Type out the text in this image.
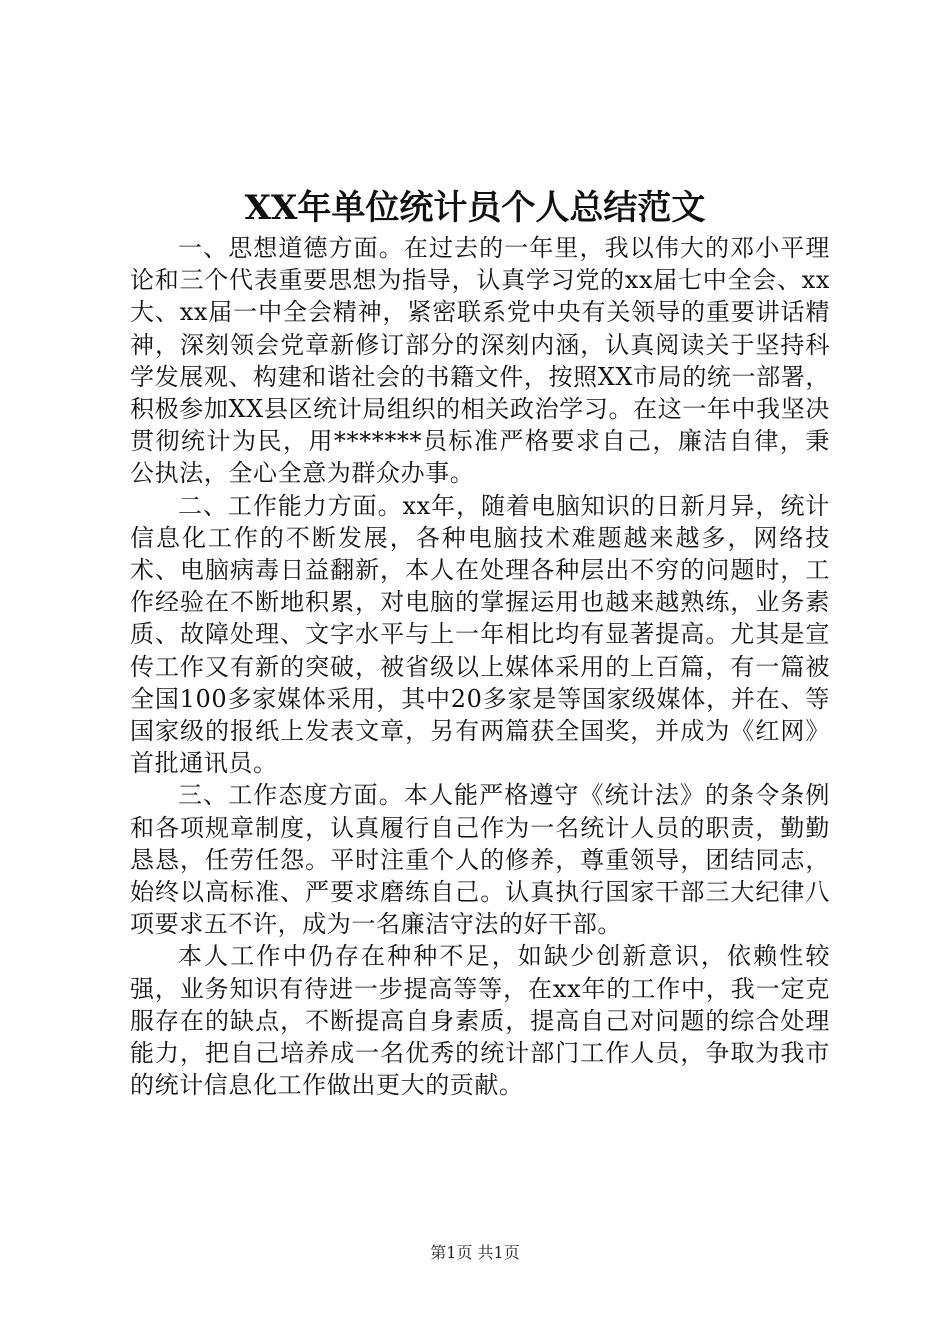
XX年单位统计员个人总结范文

一、思想道德方面。在过去的一年里，我以伟大的邓小平理论和三个代表重要思想为指导，认真学习党的xx届七中全会、xx大、xx届一中全会精神，紧密联系党中央有关领导的重要讲话精神，深刻领会党章新修订部分的深刻内涵，认真阅读关于坚持科学发展观、构建和谐社会的书籍文件，按照XX市局的统一部署，积极参加XX县区统计局组织的相关政治学习。在这一年中我坚决贯彻统计为民，用*******员标准严格要求自己，廉洁自律，秉公执法，全心全意为群众办事。

二、工作能力方面。xx年，随着电脑知识的日新月异，统计信息化工作的不断发展，各种电脑技术难题越来越多，网络技术、电脑病毒日益翻新，本人在处理各种层出不穷的问题时，工作经验在不断地积累，对电脑的掌握运用也越来越熟练，业务素质、故障处理、文字水平与上一年相比均有显著提高。尤其是宣传工作又有新的突破，被省级以上媒体采用的上百篇，有一篇被全国100多家媒体采用，其中20多家是等国家级媒体，并在、等国家级的报纸上发表文章，另有两篇获全国奖，并成为《红网》首批通讯员。

三、工作态度方面。本人能严格遵守《统计法》的条令条例和各项规章制度，认真履行自己作为一名统计人员的职责，勤勤恳恳，任劳任怨。平时注重个人的修养，尊重领导，团结同志，始终以高标准、严要求磨练自己。认真执行国家干部三大纪律八项要求五不许，成为一名廉洁守法的好干部。

本人工作中仍存在种种不足，如缺少创新意识，依赖性较强，业务知识有待进一步提高等等，在xx年的工作中，我一定克服存在的缺点，不断提高自身素质，提高自己对问题的综合处理能力，把自己培养成一名优秀的统计部门工作人员，争取为我市的统计信息化工作做出更大的贡献。

第1页 共1页
